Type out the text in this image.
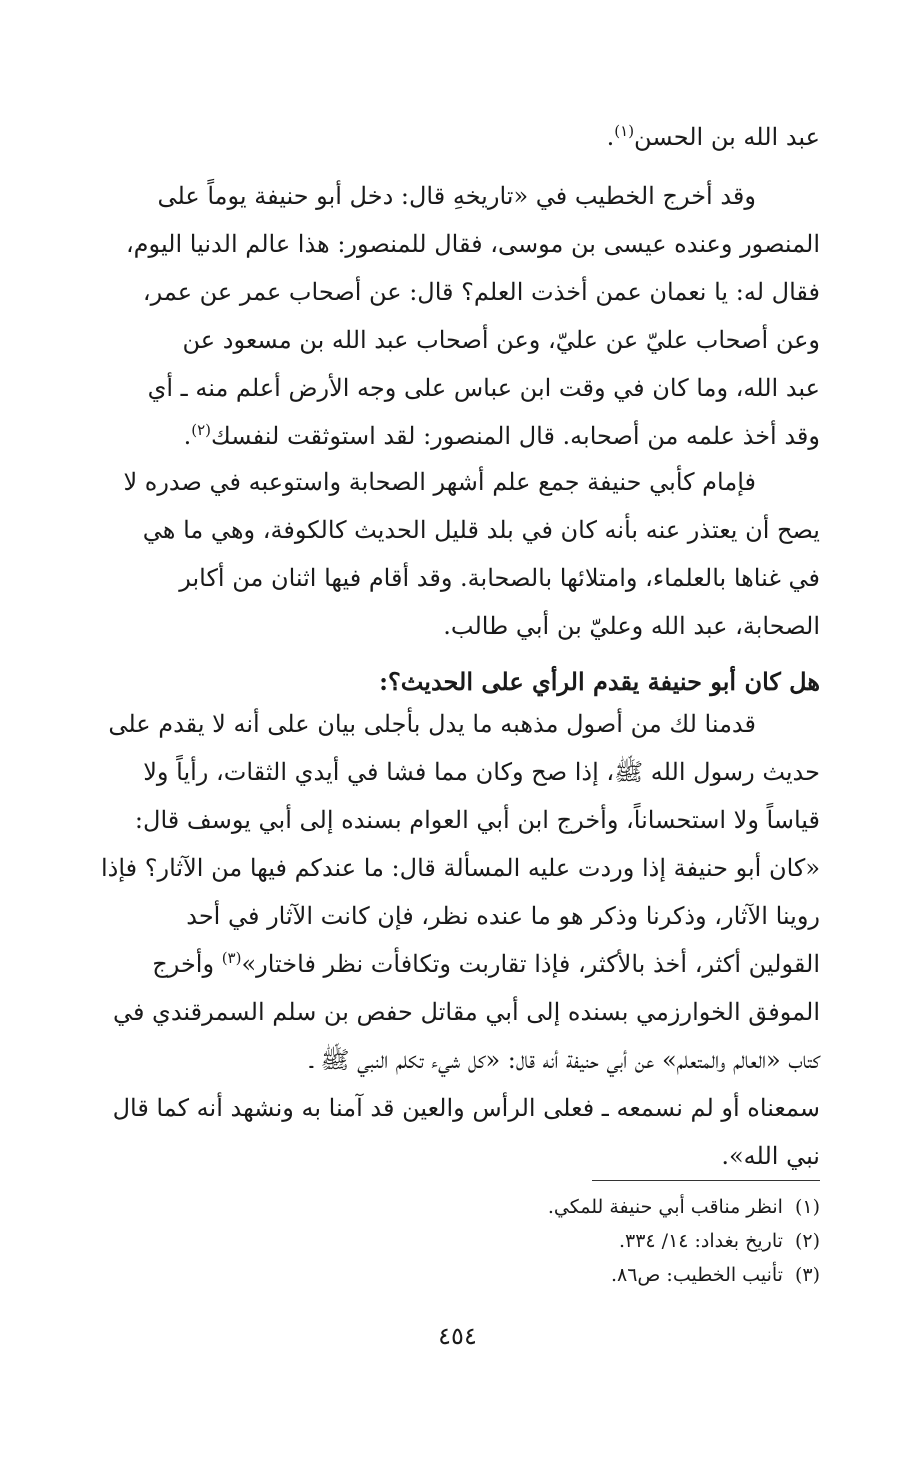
عبد الله بن الحسن$^{(١)}$.
وقد أخرج الخطيب في «تاريخهِ قال: دخل أبو حنيفة يوماً على
المنصور وعنده عيسى بن موسى، فقال للمنصور: هذا عالم الدنيا اليوم،
فقال له: يا نعمان عمن أخذت العلم؟ قال: عن أصحاب عمر عن عمر،
وعن أصحاب عليّ عن عليّ، وعن أصحاب عبد الله بن مسعود عن
عبد الله، وما كان في وقت ابن عباس على وجه الأرض أعلم منه ـ أي
وقد أخذ علمه من أصحابه. قال المنصور: لقد استوثقت لنفسك$^{(٢)}$.
فإمام كأبي حنيفة جمع علم أشهر الصحابة واستوعبه في صدره لا
يصح أن يعتذر عنه بأنه كان في بلد قليل الحديث كالكوفة، وهي ما هي
في غناها بالعلماء، وامتلائها بالصحابة. وقد أقام فيها اثنان من أكابر
الصحابة، عبد الله وعليّ بن أبي طالب.
هل كان أبو حنيفة يقدم الرأي على الحديث؟:
قدمنا لك من أصول مذهبه ما يدل بأجلى بيان على أنه لا يقدم على
حديث رسول الله ﷺ، إذا صح وكان مما فشا في أيدي الثقات، رأياً ولا
قياساً ولا استحساناً، وأخرج ابن أبي العوام بسنده إلى أبي يوسف قال:
«كان أبو حنيفة إذا وردت عليه المسألة قال: ما عندكم فيها من الآثار؟ فإذا
روينا الآثار، وذكرنا وذكر هو ما عنده نظر، فإن كانت الآثار في أحد
القولين أكثر، أخذ بالأكثر، فإذا تقاربت وتكافأت نظر فاختار»$^{(٣)}$ وأخرج
الموفق الخوارزمي بسنده إلى أبي مقاتل حفص بن سلم السمرقندي في
كتاب «العالم والمتعلم» عن أبي حنيفة أنه قال: «كل شيء تكلم النبي ﷺ ـ
سمعناه أو لم نسمعه ـ فعلى الرأس والعين قد آمنا به ونشهد أنه كما قال
نبي الله».
(١)انظر مناقب أبي حنيفة للمكي.
(٢)تاريخ بغداد: ١٤/ ٣٣٤.
(٣)تأنيب الخطيب: ص٨٦.
٤٥٤
